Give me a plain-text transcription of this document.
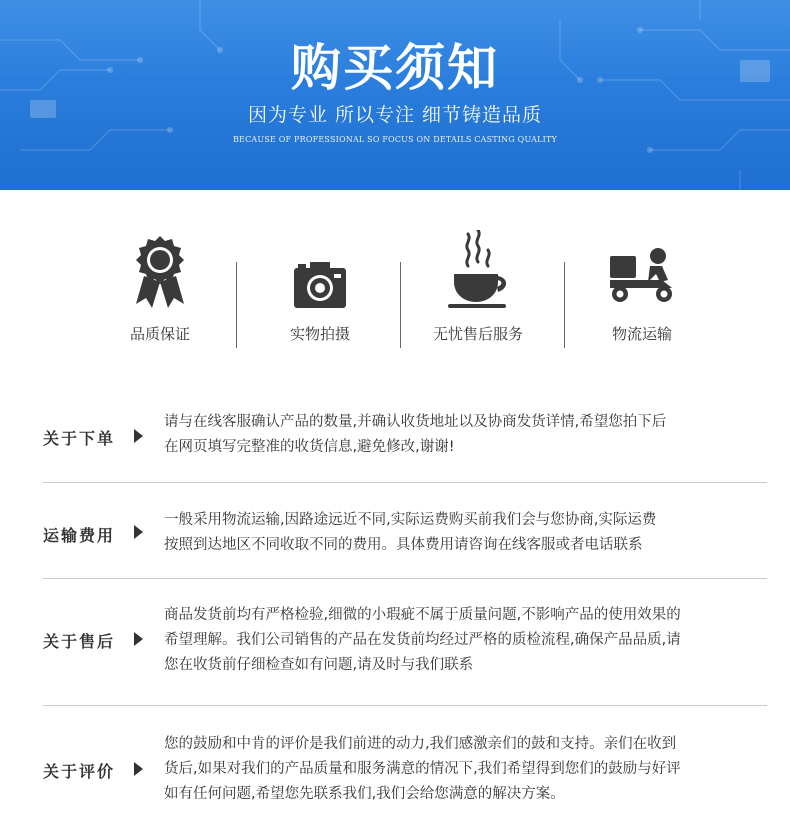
购买须知
因为专业 所以专注 细节铸造品质
BECAUSE OF PROFESSIONAL SO FOCUS ON DETAILS CASTING QUALITY
品质保证	实物拍摄	无忧售后服务	物流运输
关于下单

请与在线客服确认产品的数量,并确认收货地址以及协商发货详情,希望您拍下后

在网页填写完整准的收货信息,避免修改,谢谢!

运输费用

一般采用物流运输,因路途远近不同,实际运费购买前我们会与您协商,实际运费

按照到达地区不同收取不同的费用。具体费用请咨询在线客服或者电话联系

关于售后

商品发货前均有严格检验,细微的小瑕疵不属于质量问题,不影响产品的使用效果的

希望理解。我们公司销售的产品在发货前均经过严格的质检流程,确保产品品质,请

您在收货前仔细检查如有问题,请及时与我们联系

关于评价

您的鼓励和中肯的评价是我们前进的动力,我们感激亲们的鼓和支持。亲们在收到

货后,如果对我们的产品质量和服务满意的情况下,我们希望得到您们的鼓励与好评

如有任何问题,希望您先联系我们,我们会给您满意的解决方案。
